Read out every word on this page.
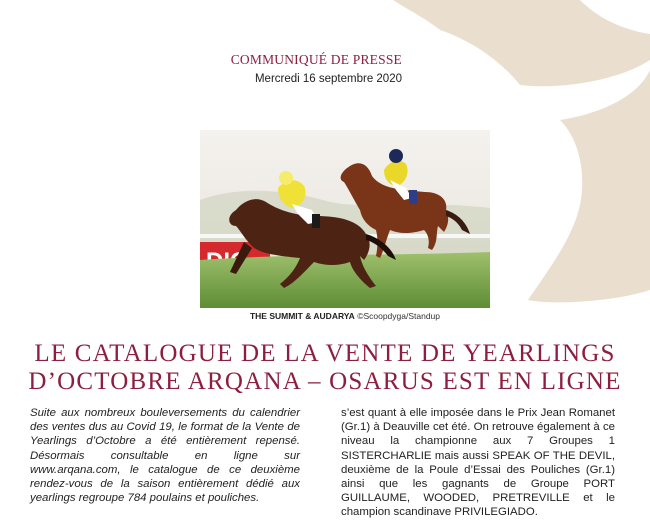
COMMUNIQUÉ DE PRESSE
Mercredi 16 septembre 2020
THE SUMMIT & AUDARYA ©Scoopdyga/Standup
LE CATALOGUE DE LA VENTE DE YEARLINGS
D’OCTOBRE ARQANA – OSARUS EST EN LIGNE
Suite aux nombreux bouleversements du calendrier des ventes dus au Covid 19, le format de la Vente de Yearlings d’Octobre a été entièrement repensé. Désormais consultable en ligne sur www.arqana.com, le catalogue de ce deuxième rendez-vous de la saison entièrement dédié aux yearlings regroupe 784 poulains et pouliches.
s’est quant à elle imposée dans le Prix Jean Romanet (Gr.1) à Deauville cet été. On retrouve également à ce niveau la championne aux 7 Groupes 1 SISTERCHARLIE mais aussi SPEAK OF THE DEVIL, deuxième de la Poule d’Essai des Pouliches (Gr.1) ainsi que les gagnants de Groupe PORT GUILLAUME, WOODED, PRETREVILLE et le champion scandinave PRIVILEGIADO.
